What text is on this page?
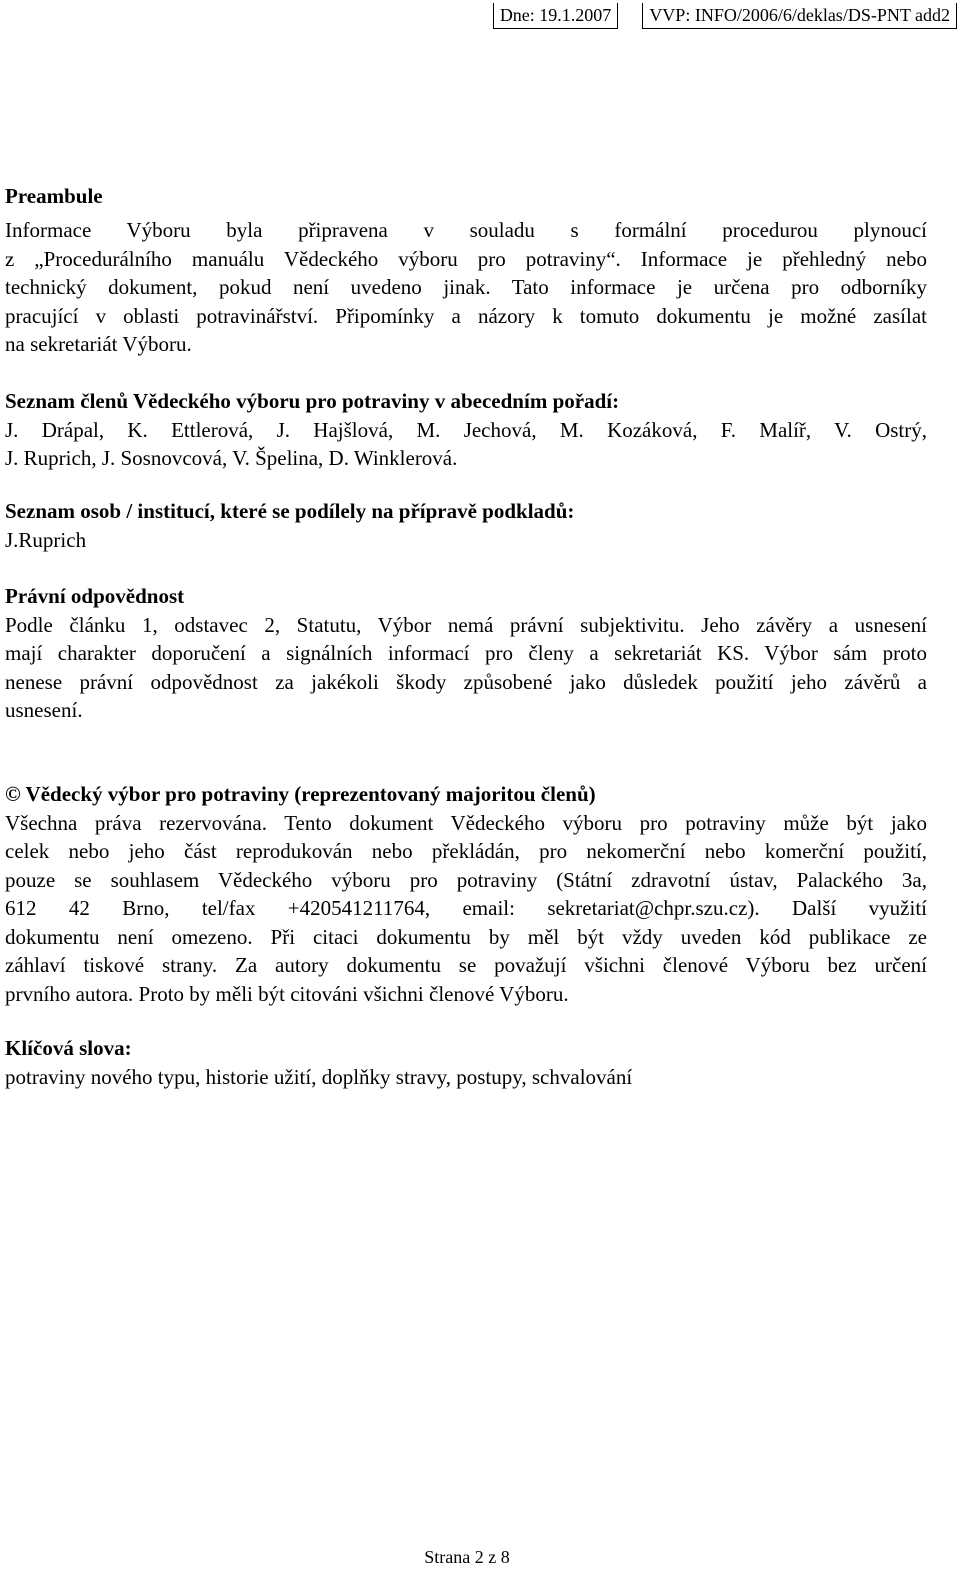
Dne: 19.1.2007	VVP: INFO/2006/6/deklas/DS-PNT add2

Preambule

Informace Výboru byla připravena v souladu s formální procedurou plynoucí

z „Procedurálního manuálu Vědeckého výboru pro potraviny“. Informace je přehledný nebo

technický dokument, pokud není uvedeno jinak. Tato informace je určena pro odborníky

pracující v oblasti potravinářství. Připomínky a názory k tomuto dokumentu je možné zasílat

na sekretariát Výboru.

Seznam členů Vědeckého výboru pro potraviny v abecedním pořadí:

J. Drápal, K. Ettlerová, J. Hajšlová, M. Jechová, M. Kozáková, F. Malíř, V. Ostrý,

J. Ruprich, J. Sosnovcová, V. Špelina, D. Winklerová.

Seznam osob / institucí, které se podílely na přípravě podkladů:

J.Ruprich

Právní odpovědnost

Podle článku 1, odstavec 2, Statutu, Výbor nemá právní subjektivitu. Jeho závěry a usnesení

mají charakter doporučení a signálních informací pro členy a sekretariát KS. Výbor sám proto

nenese právní odpovědnost za jakékoli škody způsobené jako důsledek použití jeho závěrů a

usnesení.

© Vědecký výbor pro potraviny (reprezentovaný majoritou členů)

Všechna práva rezervována. Tento dokument Vědeckého výboru pro potraviny může být jako

celek nebo jeho část reprodukován nebo překládán, pro nekomerční nebo komerční použití,

pouze se souhlasem Vědeckého výboru pro potraviny (Státní zdravotní ústav, Palackého 3a,

612 42 Brno, tel/fax +420541211764, email: sekretariat@chpr.szu.cz). Další využití

dokumentu není omezeno. Při citaci dokumentu by měl být vždy uveden kód publikace ze

záhlaví tiskové strany. Za autory dokumentu se považují všichni členové Výboru bez určení

prvního autora. Proto by měli být citováni všichni členové Výboru.

Klíčová slova:

potraviny nového typu, historie užití, doplňky stravy, postupy, schvalování

Strana 2 z 8
